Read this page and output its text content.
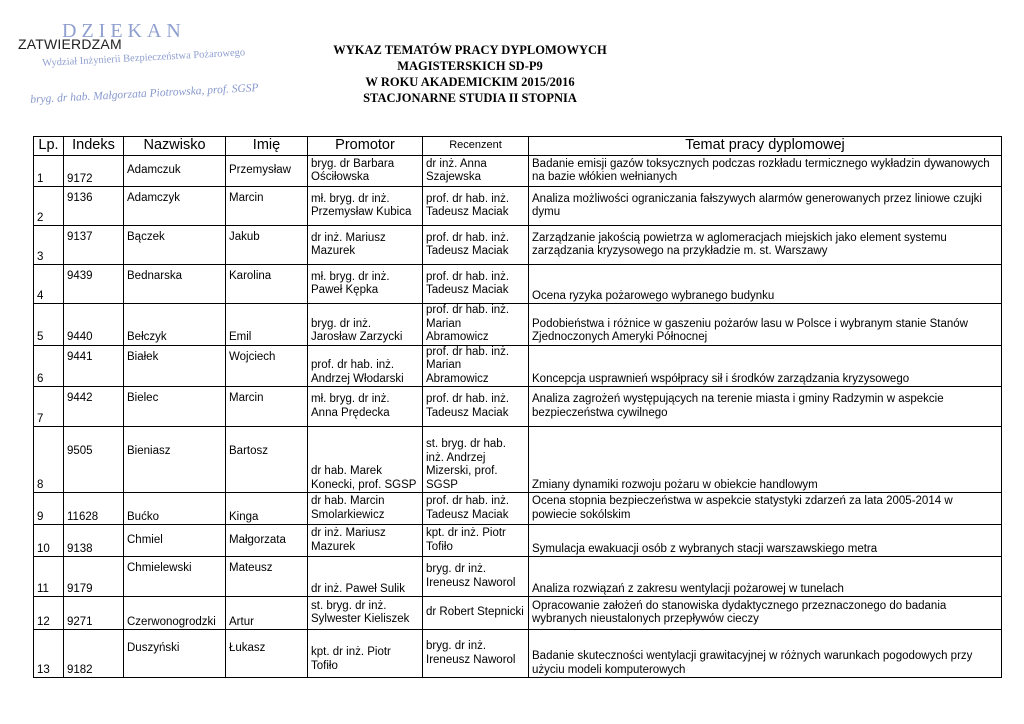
DZIEKAN
ZATWIERDZAM
Wydział Inżynierii Bezpieczeństwa Pożarowego
bryg. dr hab. Małgorzata Piotrowska, prof. SGSP
WYKAZ TEMATÓW PRACY DYPLOMOWYCH
MAGISTERSKICH SD-P9
W ROKU AKADEMICKIM 2015/2016
STACJONARNE STUDIA II STOPNIA
Lp.	Indeks	Nazwisko	Imię	Promotor	Recenzent	Temat pracy dyplomowej
1	9172	Adamczuk	Przemysław	bryg. dr Barbara Ościłowska	dr inż. Anna Szajewska	Badanie emisji gazów toksycznych podczas rozkładu termicznego wykładzin dywanowych na bazie włókien wełnianych
2	9136	Adamczyk	Marcin	mł. bryg. dr inż. Przemysław Kubica	prof. dr hab. inż. Tadeusz Maciak	Analiza możliwości ograniczania fałszywych alarmów generowanych przez liniowe czujki dymu
3	9137	Bączek	Jakub	dr inż. Mariusz Mazurek	prof. dr hab. inż. Tadeusz Maciak	Zarządzanie jakością powietrza w aglomeracjach miejskich jako element systemu zarządzania kryzysowego na przykładzie m. st. Warszawy
4	9439	Bednarska	Karolina	mł. bryg. dr inż. Paweł Kępka	prof. dr hab. inż. Tadeusz Maciak	Ocena ryzyka pożarowego wybranego budynku
5	9440	Bełczyk	Emil	bryg. dr inż. Jarosław Zarzycki	prof. dr hab. inż. Marian Abramowicz	Podobieństwa i różnice w gaszeniu pożarów lasu w Polsce i wybranym stanie Stanów Zjednoczonych Ameryki Północnej
6	9441	Białek	Wojciech	prof. dr hab. inż. Andrzej Włodarski	prof. dr hab. inż. Marian Abramowicz	Koncepcja usprawnień współpracy sił i środków zarządzania kryzysowego
7	9442	Bielec	Marcin	mł. bryg. dr inż. Anna Prędecka	prof. dr hab. inż. Tadeusz Maciak	Analiza zagrożeń występujących na terenie miasta i gminy Radzymin w aspekcie bezpieczeństwa cywilnego
8	9505	Bieniasz	Bartosz	dr hab. Marek Konecki, prof. SGSP	st. bryg. dr hab. inż. Andrzej Mizerski, prof. SGSP	Zmiany dynamiki rozwoju pożaru w obiekcie handlowym
9	11628	Bućko	Kinga	dr hab. Marcin Smolarkiewicz	prof. dr hab. inż. Tadeusz Maciak	Ocena stopnia bezpieczeństwa w aspekcie statystyki zdarzeń za lata 2005-2014 w powiecie sokólskim
10	9138	Chmiel	Małgorzata	dr inż. Mariusz Mazurek	kpt. dr inż. Piotr Tofiło	Symulacja ewakuacji osób z wybranych stacji warszawskiego metra
11	9179	Chmielewski	Mateusz	dr inż. Paweł Sulik	bryg. dr inż. Ireneusz Naworol	Analiza rozwiązań z zakresu wentylacji pożarowej w tunelach
12	9271	Czerwonogrodzki	Artur	st. bryg. dr inż. Sylwester Kieliszek	dr Robert Stepnicki	Opracowanie założeń do stanowiska dydaktycznego przeznaczonego do badania wybranych nieustalonych przepływów cieczy
13	9182	Duszyński	Łukasz	kpt. dr inż. Piotr Tofiło	bryg. dr inż. Ireneusz Naworol	Badanie skuteczności wentylacji grawitacyjnej w różnych warunkach pogodowych przy użyciu modeli komputerowych
